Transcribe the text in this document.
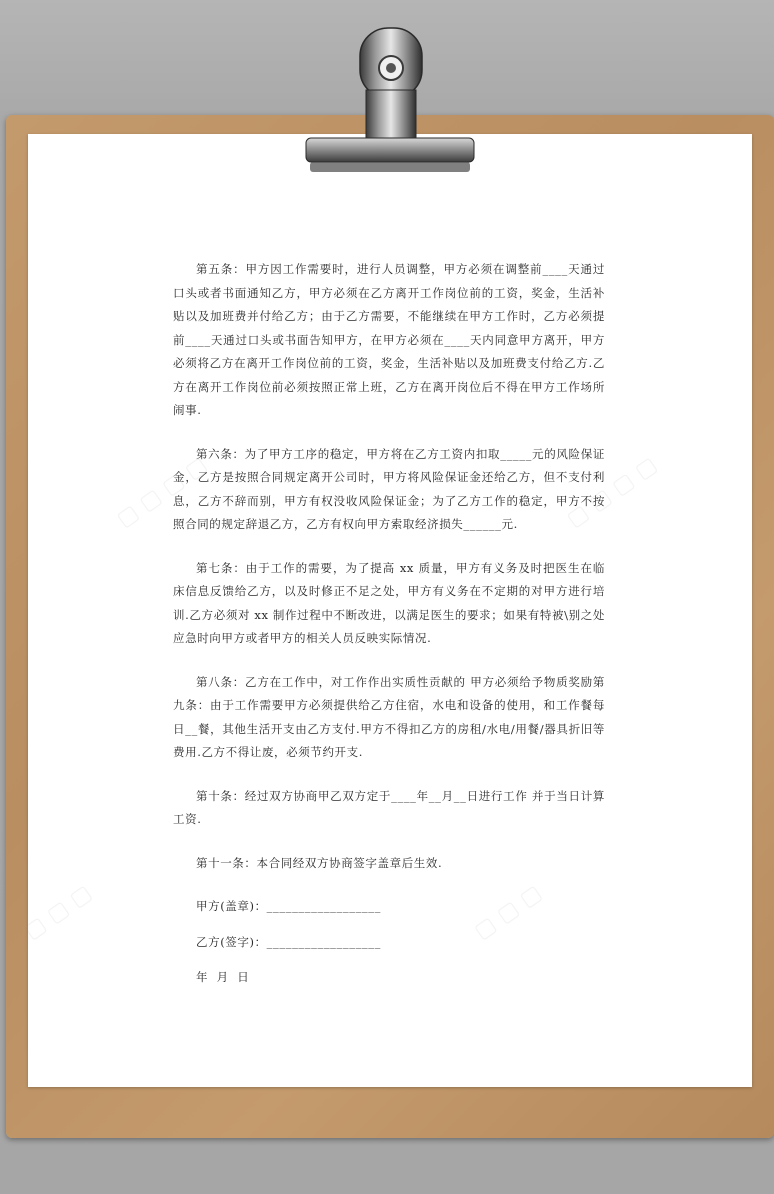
▢ ▢ ▢ ▢	▢ ▢ ▢ ▢
▢ ▢ ▢	▢ ▢ ▢

第五条：甲方因工作需要时，进行人员调整，甲方必须在调整前____天通过口头或者书面通知乙方，甲方必须在乙方离开工作岗位前的工资，奖金，生活补贴以及加班费并付给乙方；由于乙方需要，不能继续在甲方工作时，乙方必须提前____天通过口头或书面告知甲方，在甲方必须在____天内同意甲方离开，甲方必须将乙方在离开工作岗位前的工资，奖金，生活补贴以及加班费支付给乙方.乙方在离开工作岗位前必须按照正常上班，乙方在离开岗位后不得在甲方工作场所闹事.

第六条：为了甲方工序的稳定，甲方将在乙方工资内扣取_____元的风险保证金，乙方是按照合同规定离开公司时，甲方将风险保证金还给乙方，但不支付利息，乙方不辞而别，甲方有权没收风险保证金；为了乙方工作的稳定，甲方不按照合同的规定辞退乙方，乙方有权向甲方索取经济损失______元.

第七条：由于工作的需要，为了提高 xx 质量，甲方有义务及时把医生在临床信息反馈给乙方，以及时修正不足之处，甲方有义务在不定期的对甲方进行培训.乙方必须对 xx 制作过程中不断改进，以满足医生的要求；如果有特被\别之处应急时向甲方或者甲方的相关人员反映实际情况.

第八条：乙方在工作中，对工作作出实质性贡献的 甲方必须给予物质奖励第九条：由于工作需要甲方必须提供给乙方住宿，水电和设备的使用，和工作餐每日__餐，其他生活开支由乙方支付.甲方不得扣乙方的房租/水电/用餐/器具折旧等费用.乙方不得让废，必须节约开支.

第十条：经过双方协商甲乙双方定于____年__月__日进行工作 并于当日计算工资.

第十一条：本合同经双方协商签字盖章后生效.

甲方(盖章)：__________________

乙方(签字)：__________________

年  月  日
